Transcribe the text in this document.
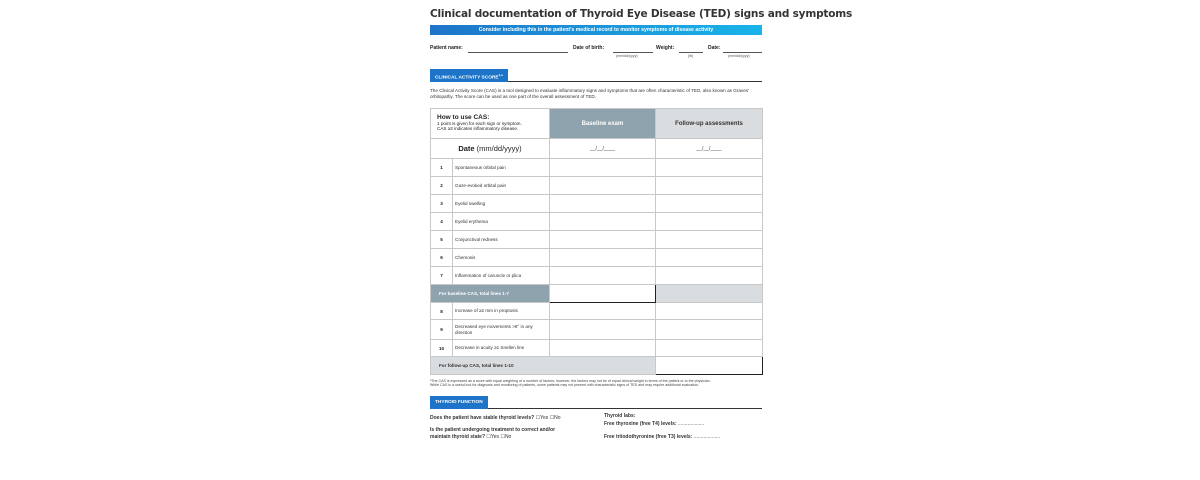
Clinical documentation of Thyroid Eye Disease (TED) signs and symptoms
Consider including this in the patient's medical record to monitor symptoms of disease activity
Patient name:	Date of birth:
(mm/dd/yyyy)
Weight:
(lb)
Date:
(mm/dd/yyyy)
CLINICAL ACTIVITY SCORE$^{1,a}$
The Clinical Activity Score (CAS) is a tool designed to evaluate inflammatory signs and symptoms that are often characteristic of TED, also known as Graves' orbitopathy. The score can be used as one part of the overall assessment of TED.
How to use CAS:
1 point is given for each sign or symptom.
CAS ≥3 indicates inflammatory disease.		Baseline exam	Follow-up assessments
Date (mm/dd/yyyy)		__/__/____	__/__/____
1	Spontaneous orbital pain		
2	Gaze-evoked orbital pain		
3	Eyelid swelling		
4	Eyelid erythema		
5	Conjunctival redness		
6	Chemosis		
7	Inflammation of caruncle or plica		
For baseline CAS, total lines 1-7			
8	Increase of ≥2 mm in proptosis		
9	Decreased eye movements >8° in any direction		
10	Decrease in acuity ≥1 Snellen line		
For follow-up CAS, total lines 1-10			
ᵃThe CAS is expressed as a score with equal weighting of a number of factors; however, the factors may not be of equal clinical weight in terms of the patient or to the physician.
While CAS is a useful tool for diagnosis and monitoring of patients, some patients may not present with characteristic signs of TED and may require additional evaluation.
THYROID FUNCTION
Does the patient have stable thyroid levels? ☐Yes ☐No
Is the patient undergoing treatment to correct and/or
maintain thyroid state? ☐Yes ☐No
Thyroid labs:
Free thyroxine (free T4) levels: ...................
Free triiodothyronine (free T3) levels: ...................
